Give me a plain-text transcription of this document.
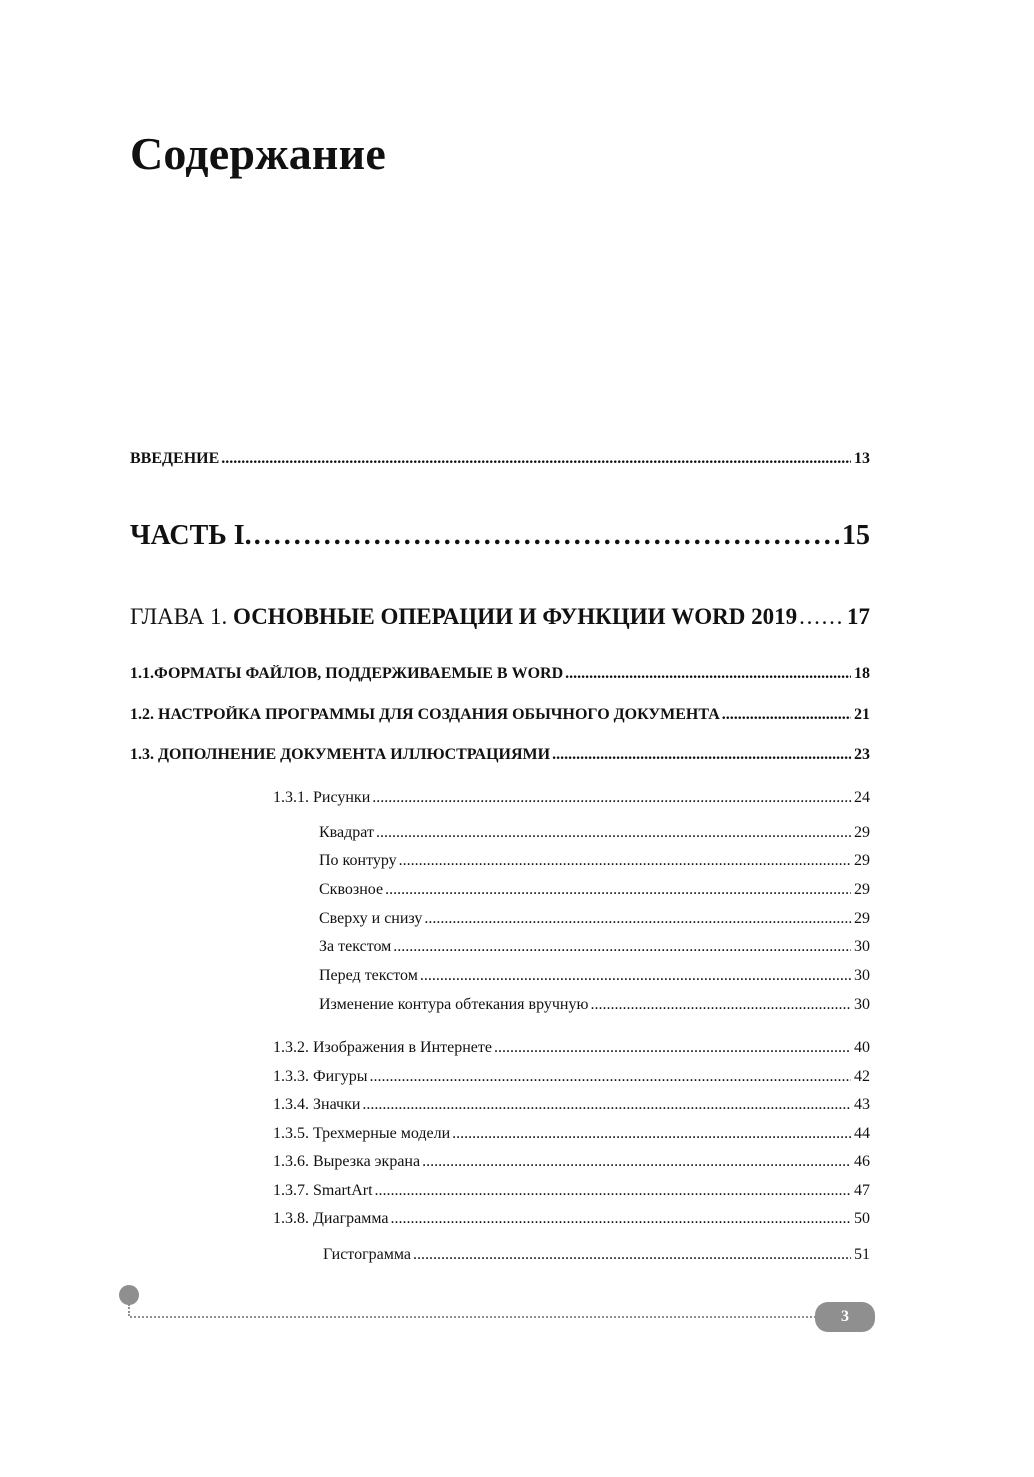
Содержание
ВВЕДЕНИЕ . . .	13
ЧАСТЬ I. . . .	15
ГЛАВА 1. ОСНОВНЫЕ ОПЕРАЦИИ И ФУНКЦИИ WORD 2019 . . . 17
1.1.ФОРМАТЫ ФАЙЛОВ, ПОДДЕРЖИВАЕМЫЕ В WORD . . .	18
1.2. НАСТРОЙКА ПРОГРАММЫ ДЛЯ СОЗДАНИЯ ОБЫЧНОГО ДОКУМЕНТА . . .	21
1.3. ДОПОЛНЕНИЕ ДОКУМЕНТА ИЛЛЮСТРАЦИЯМИ . . .	23
1.3.1. Рисунки . . .	24
Квадрат . . .	29
По контуру . . .	29
Сквозное . . .	29
Сверху и снизу . . .	29
За текстом . . .	30
Перед текстом . . .	30
Изменение контура обтекания вручную . . .	30
1.3.2. Изображения в Интернете . . .	40
1.3.3. Фигуры . . .	42
1.3.4. Значки . . .	43
1.3.5. Трехмерные модели . . .	44
1.3.6. Вырезка экрана . . .	46
1.3.7. SmartArt . . .	47
1.3.8. Диаграмма . . .	50
Гистограмма . . .	51
3
